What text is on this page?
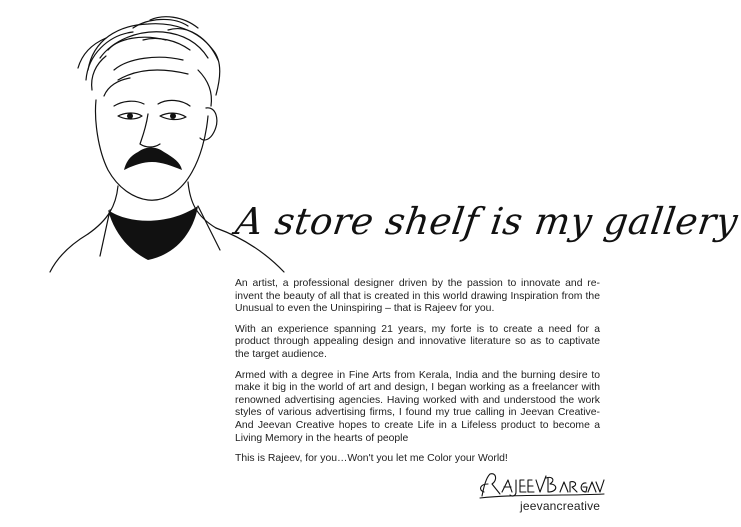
A store shelf is my gallery

An artist, a professional designer driven by the passion to innovate and re-invent the beauty of all that is created in this world drawing Inspiration from the Unusual to even the Uninspiring – that is Rajeev for you.

With an experience spanning 21 years, my forte is to create a need for a product through appealing design and innovative literature so as to captivate the target audience.

Armed with a degree in Fine Arts from Kerala, India and the burning desire to make it big in the world of art and design, I began working as a freelancer with renowned advertising agencies. Having worked with and understood the work styles of various advertising firms, I found my true calling in Jeevan Creative-And Jeevan Creative hopes to create Life in a Lifeless product to become a Living Memory in the hearts of people

This is Rajeev, for you…Won't you let me Color your World!

jeevancreative
